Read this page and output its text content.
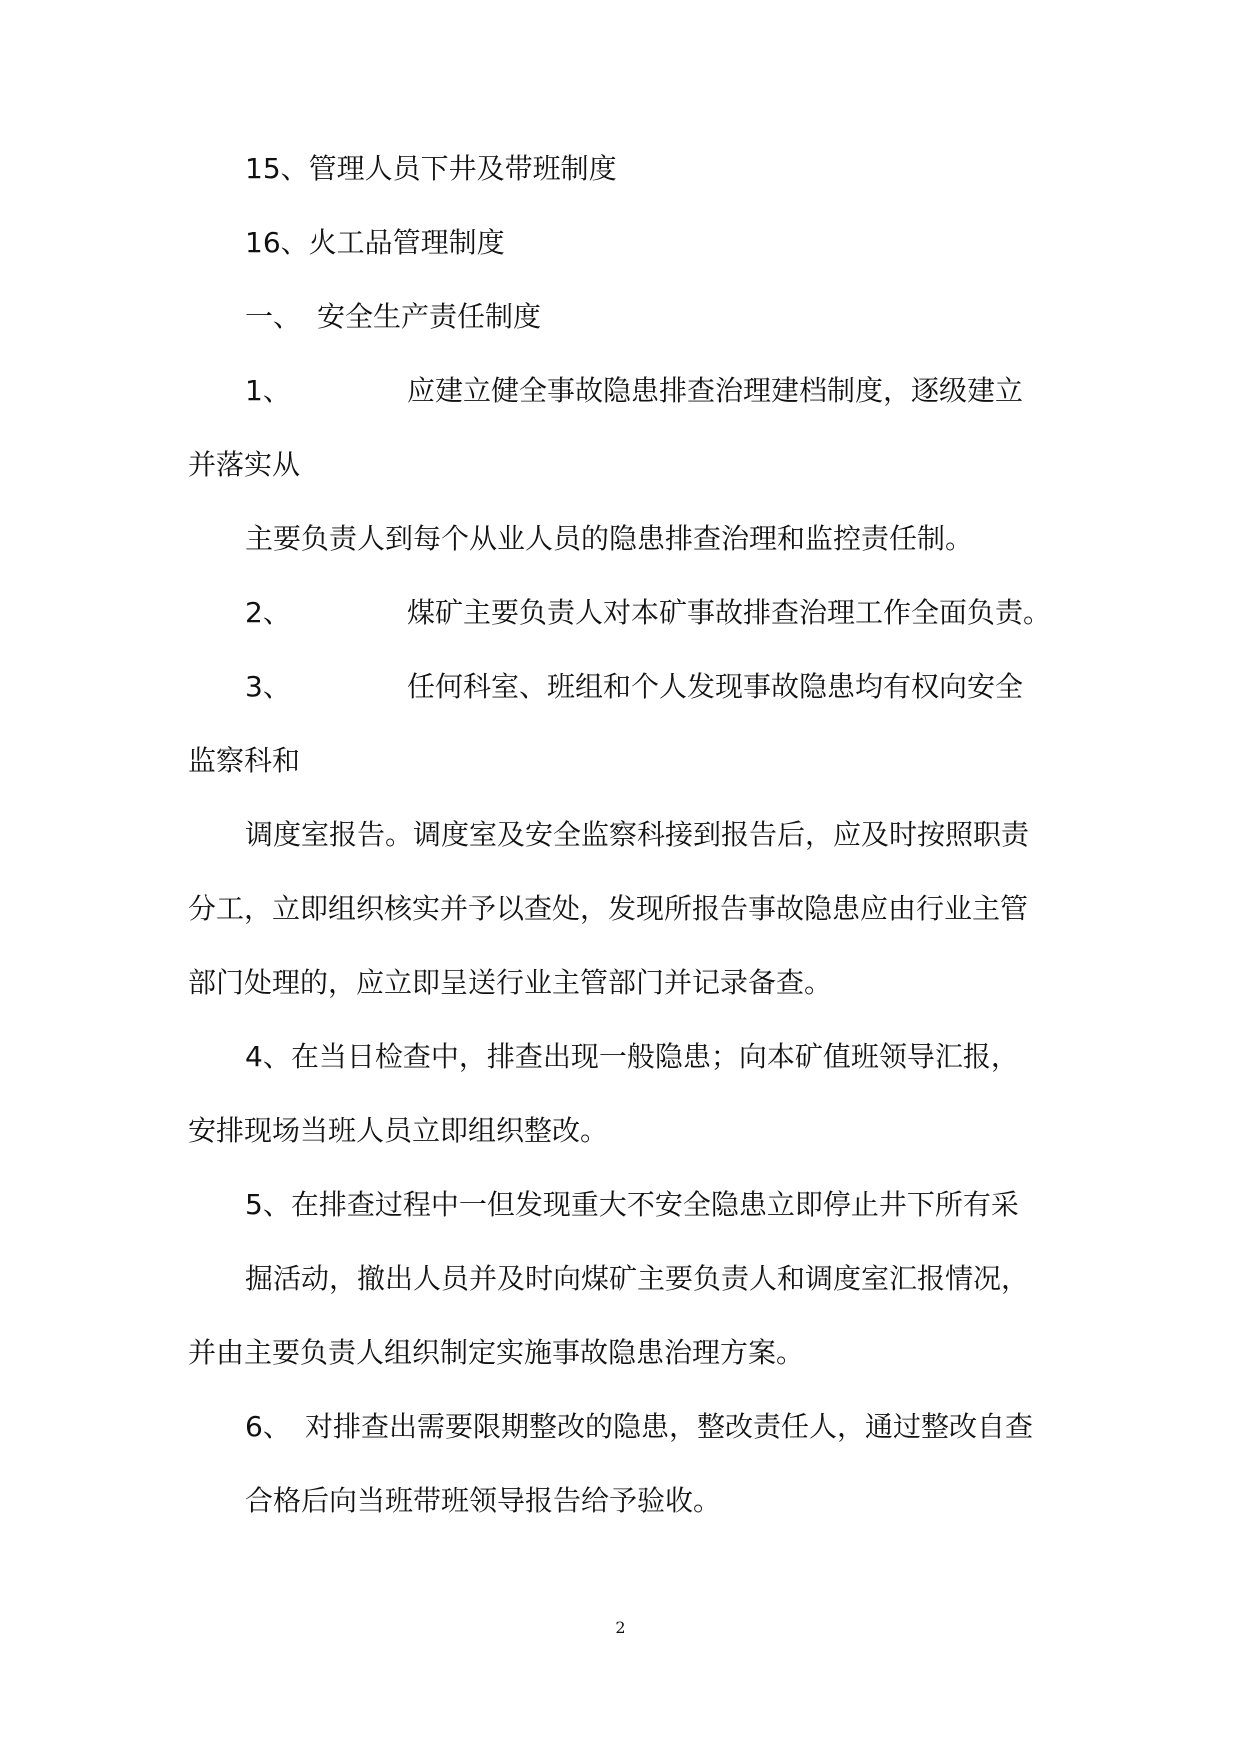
15、管理人员下井及带班制度
16、火工品管理制度
一、 安全生产责任制度
1、	应建立健全事故隐患排查治理建档制度，逐级建立
并落实从
主要负责人到每个从业人员的隐患排查治理和监控责任制。
2、	煤矿主要负责人对本矿事故排查治理工作全面负责。
3、	任何科室、班组和个人发现事故隐患均有权向安全
监察科和
调度室报告。调度室及安全监察科接到报告后，应及时按照职责
分工，立即组织核实并予以查处，发现所报告事故隐患应由行业主管
部门处理的，应立即呈送行业主管部门并记录备查。
4、在当日检查中，排查出现一般隐患；向本矿值班领导汇报，
安排现场当班人员立即组织整改。
5、在排查过程中一但发现重大不安全隐患立即停止井下所有采
掘活动，撤出人员并及时向煤矿主要负责人和调度室汇报情况，
并由主要负责人组织制定实施事故隐患治理方案。
6、 对排查出需要限期整改的隐患，整改责任人，通过整改自查
合格后向当班带班领导报告给予验收。
2
